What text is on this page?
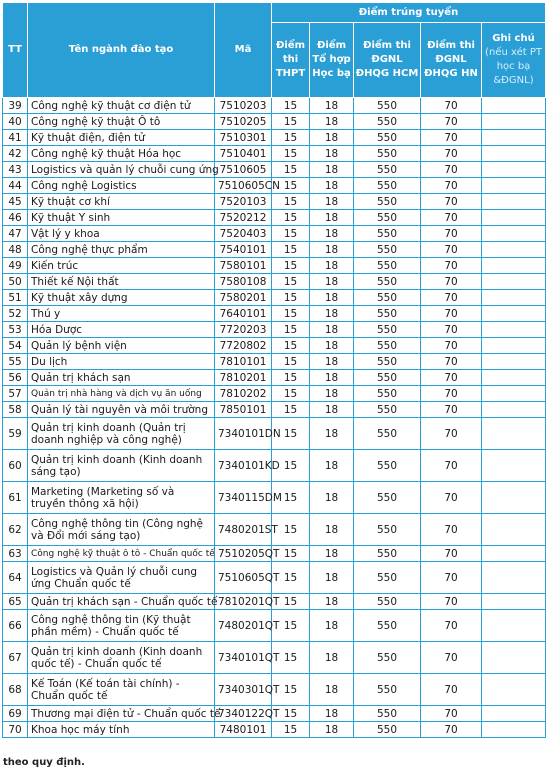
TT	Tên ngành đào tạo	Mã	Điểm trúng tuyển				
			Điểm thi THPT	Điểm Tổ hợp Học bạ	Điểm thi ĐGNL ĐHQG HCM	Điểm thi ĐGNL ĐHQG HN	Ghi chú
(nếu xét PT học bạ &ĐGNL)

39	Công nghệ kỹ thuật cơ điện tử	7510203	15	18	550	70	
40	Công nghệ kỹ thuật Ô tô	7510205	15	18	550	70	
41	Kỹ thuật điện, điện tử	7510301	15	18	550	70	
42	Công nghệ kỹ thuật Hóa học	7510401	15	18	550	70	
43	Logistics và quản lý chuỗi cung ứng	7510605	15	18	550	70	
44	Công nghệ Logistics	7510605CN	15	18	550	70	
45	Kỹ thuật cơ khí	7520103	15	18	550	70	
46	Kỹ thuật Y sinh	7520212	15	18	550	70	
47	Vật lý y khoa	7520403	15	18	550	70	
48	Công nghệ thực phẩm	7540101	15	18	550	70	
49	Kiến trúc	7580101	15	18	550	70	
50	Thiết kế Nội thất	7580108	15	18	550	70	
51	Kỹ thuật xây dựng	7580201	15	18	550	70	
52	Thú y	7640101	15	18	550	70	
53	Hóa Dược	7720203	15	18	550	70	
54	Quản lý bệnh viện	7720802	15	18	550	70	
55	Du lịch	7810101	15	18	550	70	
56	Quản trị khách sạn	7810201	15	18	550	70	
57	Quản trị nhà hàng và dịch vụ ăn uống	7810202	15	18	550	70	
58	Quản lý tài nguyên và môi trường	7850101	15	18	550	70	
59	Quản trị kinh doanh (Quản trị doanh nghiệp và công nghệ)	7340101DN	15	18	550	70	
60	Quản trị kinh doanh (Kinh doanh sáng tạo)	7340101KD	15	18	550	70	
61	Marketing (Marketing số và truyền thông xã hội)	7340115DM	15	18	550	70	
62	Công nghệ thông tin (Công nghệ và Đổi mới sáng tạo)	7480201ST	15	18	550	70	
63	Công nghệ kỹ thuật ô tô - Chuẩn quốc tế	7510205QT	15	18	550	70	
64	Logistics và Quản lý chuỗi cung ứng Chuẩn quốc tế	7510605QT	15	18	550	70	
65	Quản trị khách sạn - Chuẩn quốc tế	7810201QT	15	18	550	70	
66	Công nghệ thông tin (Kỹ thuật phần mềm) - Chuẩn quốc tế	7480201QT	15	18	550	70	
67	Quản trị kinh doanh (Kinh doanh quốc tế) - Chuẩn quốc tế	7340101QT	15	18	550	70	
68	Kế Toán (Kế toán tài chính) - Chuẩn quốc tế	7340301QT	15	18	550	70	
69	Thương mại điện tử - Chuẩn quốc tế	7340122QT	15	18	550	70	
70	Khoa học máy tính	7480101	15	18	550	70	
theo quy định.
